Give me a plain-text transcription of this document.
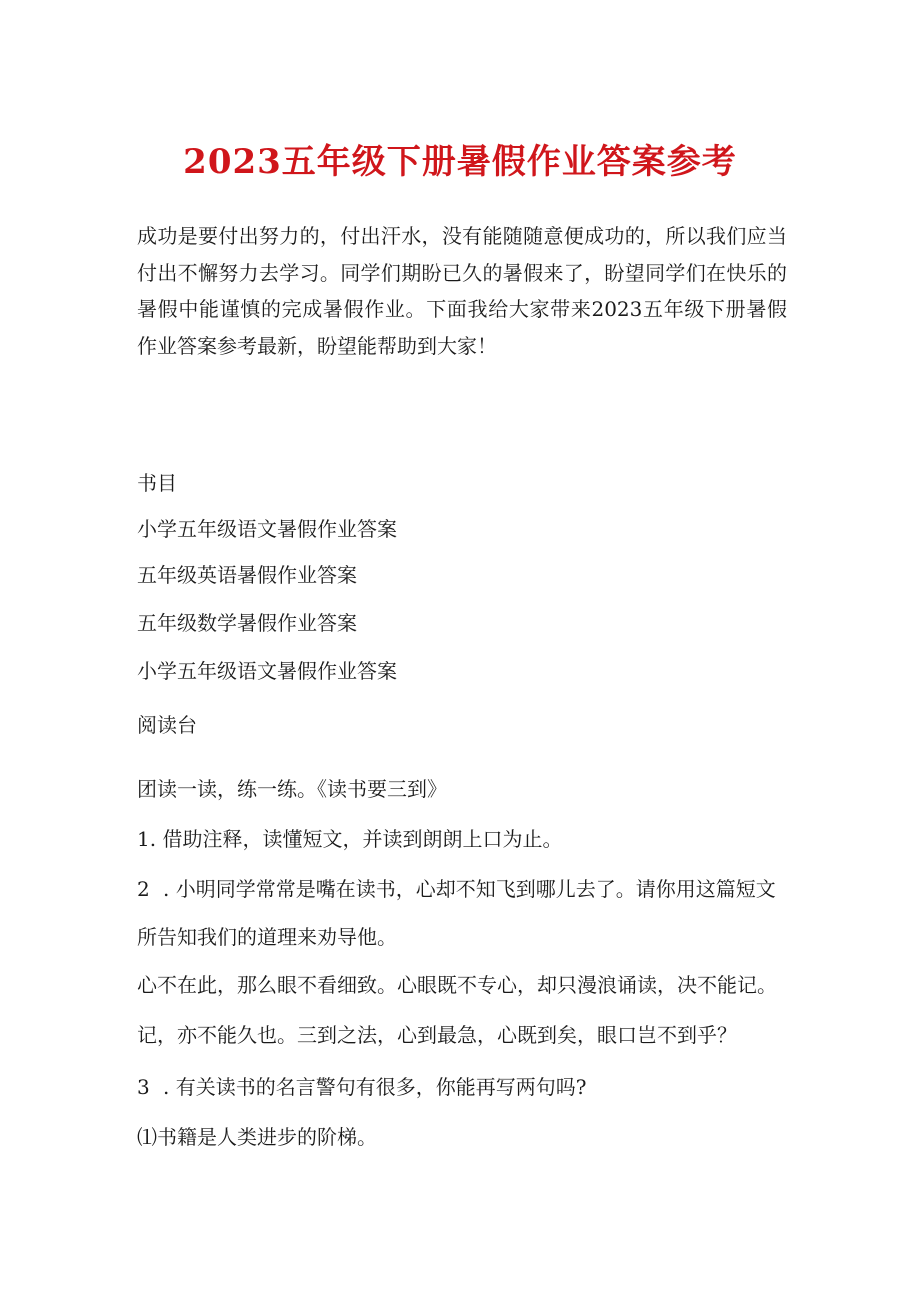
2023五年级下册暑假作业答案参考
成功是要付出努力的，付出汗水，没有能随随意便成功的，所以我们应当付出不懈努力去学习。同学们期盼已久的暑假来了，盼望同学们在快乐的暑假中能谨慎的完成暑假作业。下面我给大家带来2023五年级下册暑假作业答案参考最新，盼望能帮助到大家！
书目
小学五年级语文暑假作业答案
五年级英语暑假作业答案
五年级数学暑假作业答案
小学五年级语文暑假作业答案
阅读台
团读一读，练一练。《读书要三到》
1. 借助注释，读懂短文，并读到朗朗上口为止。
2 . 小明同学常常是嘴在读书，心却不知飞到哪儿去了。请你用这篇短文
所告知我们的道理来劝导他。
心不在此，那么眼不看细致。心眼既不专心，却只漫浪诵读，决不能记。
记，亦不能久也。三到之法，心到最急，心既到矣，眼口岂不到乎？
3 . 有关读书的名言警句有很多，你能再写两句吗?
⑴书籍是人类进步的阶梯。
